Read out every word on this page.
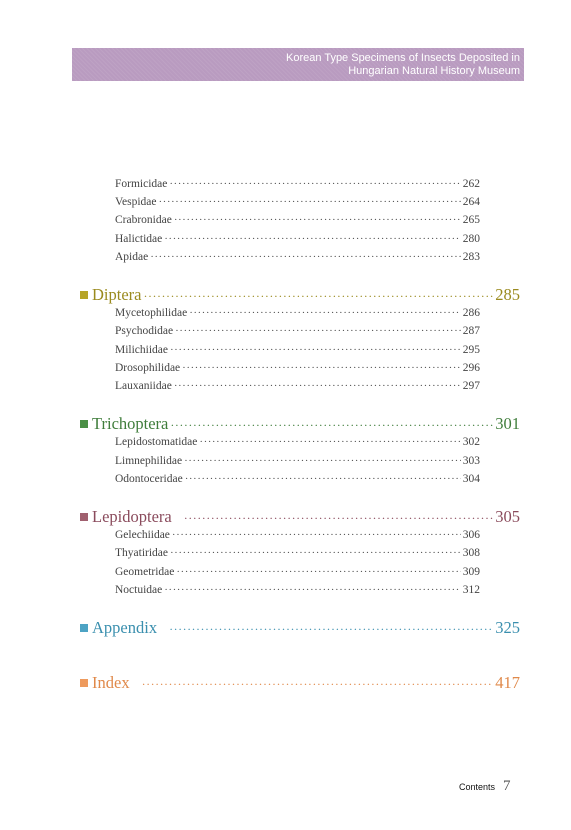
Korean Type Specimens of Insects Deposited in
Hungarian Natural History Museum
Formicidae ·····	262
Vespidae ·····	264
Crabronidae ·····	265
Halictidae ·····	280
Apidae ·····	283
Diptera ·····	285
Mycetophilidae ·····	286
Psychodidae ·····	287
Milichiidae ·····	295
Drosophilidae ·····	296
Lauxaniidae ·····	297
Trichoptera ·····	301
Lepidostomatidae ·····	302
Limnephilidae ·····	303
Odontoceridae ·····	304
Lepidoptera ·····	305
Gelechiidae ·····	306
Thyatiridae ·····	308
Geometridae ·····	309
Noctuidae ·····	312
Appendix ·····	325
Index ·····	417
Contents 7
